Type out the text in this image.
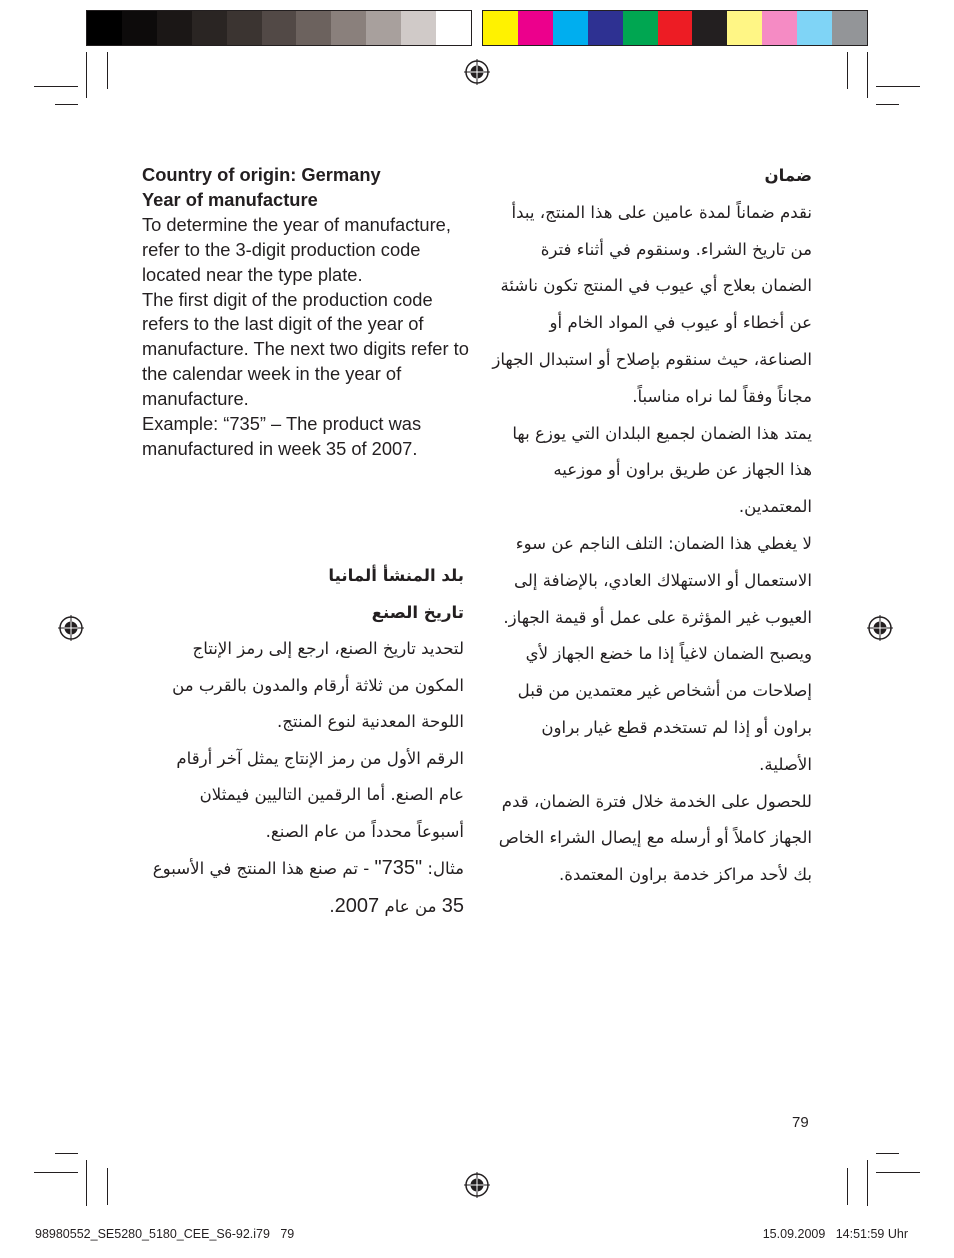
Country of origin: Germany

Year of manufacture

To determine the year of manufacture, refer to the 3-digit production code located near the type plate.

The first digit of the production code refers to the last digit of the year of manufacture. The next two digits refer to the calendar week in the year of manufacture.

Example: “735” – The product was manufactured in week 35 of 2007.

ضمان

نقدم ضماناً لمدة عامين على هذا المنتج، يبدأ من تاريخ الشراء. وسنقوم في أثناء فترة الضمان بعلاج أي عيوب في المنتج تكون ناشئة عن أخطاء أو عيوب في المواد الخام أو الصناعة، حيث سنقوم بإصلاح أو استبدال الجهاز مجاناً وفقاً لما نراه مناسباً.

يمتد هذا الضمان لجميع البلدان التي يوزع بها هذا الجهاز عن طريق براون أو موزعيه المعتمدين.

لا يغطي هذا الضمان: التلف الناجم عن سوء الاستعمال أو الاستهلاك العادي، بالإضافة إلى العيوب غير المؤثرة على عمل أو قيمة الجهاز. ويصبح الضمان لاغياً إذا ما خضع الجهاز لأي إصلاحات من أشخاص غير معتمدين من قبل براون أو إذا لم تستخدم قطع غيار براون الأصلية.

للحصول على الخدمة خلال فترة الضمان، قدم الجهاز كاملاً أو أرسله مع إيصال الشراء الخاص بك لأحد مراكز خدمة براون المعتمدة.

بلد المنشأ ألمانيا

تاريخ الصنع

لتحديد تاريخ الصنع، ارجع إلى رمز الإنتاج المكون من ثلاثة أرقام والمدون بالقرب من اللوحة المعدنية لنوع المنتج.

الرقم الأول من رمز الإنتاج يمثل آخر أرقام عام الصنع. أما الرقمين التاليين فيمثلان أسبوعاً محدداً من عام الصنع.

مثال: "735" - تم صنع هذا المنتج في الأسبوع 35 من عام 2007.

79
98980552_SE5280_5180_CEE_S6-92.i79   79	15.09.2009   14:51:59 Uhr
